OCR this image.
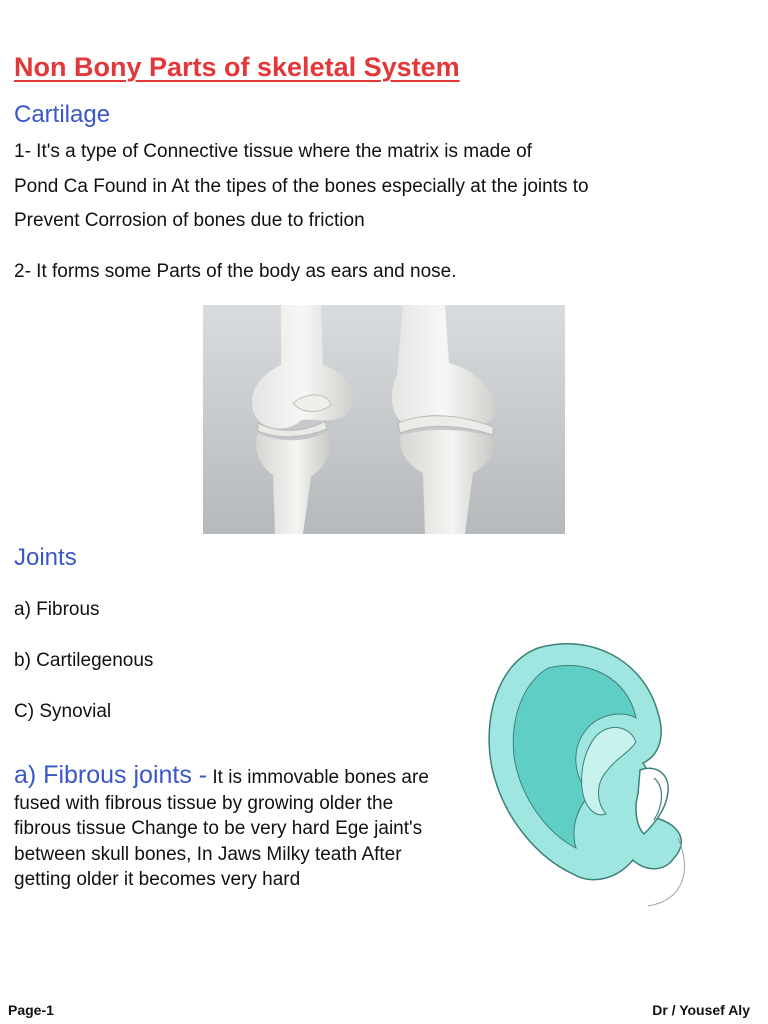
Non Bony Parts of skeletal System
Cartilage
1- It's a type of Connective tissue where the matrix is made of
Pond Ca Found in At the tipes of the bones especially at the joints to
Prevent Corrosion of bones due to friction
2- It forms some Parts of the body as ears and nose.
Joints
a) Fibrous
b) Cartilegenous
C) Synovial
a) Fibrous joints - It is immovable bones are fused with fibrous tissue by growing older the fibrous tissue Change to be very hard Ege jaint's between skull bones, In Jaws Milky teath After getting older it becomes very hard
Page-1	Dr / Yousef Aly
